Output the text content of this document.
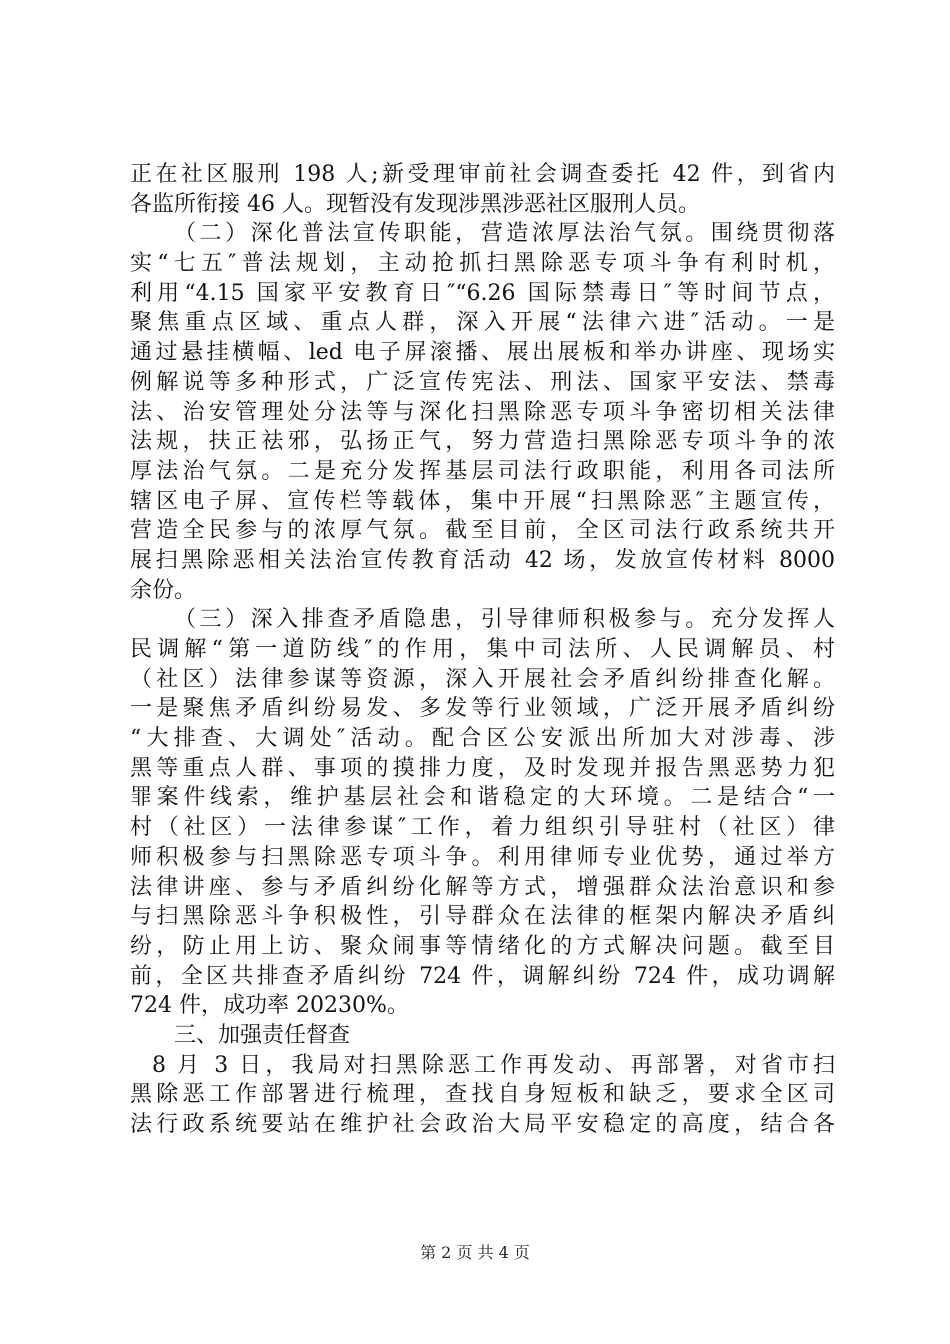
正在社区服刑 198 人;新受理审前社会调查委托 42 件，到省内
各监所衔接 46 人。现暂没有发现涉黑涉恶社区服刑人员。
（二）深化普法宣传职能，营造浓厚法治气氛。围绕贯彻落
实“七五″普法规划，主动抢抓扫黑除恶专项斗争有利时机，
利用“4.15 国家平安教育日″“6.26 国际禁毒日″等时间节点，
聚焦重点区域、重点人群，深入开展“法律六进″活动。一是
通过悬挂横幅、led 电子屏滚播、展出展板和举办讲座、现场实
例解说等多种形式，广泛宣传宪法、刑法、国家平安法、禁毒
法、治安管理处分法等与深化扫黑除恶专项斗争密切相关法律
法规，扶正祛邪，弘扬正气，努力营造扫黑除恶专项斗争的浓
厚法治气氛。二是充分发挥基层司法行政职能，利用各司法所
辖区电子屏、宣传栏等载体，集中开展“扫黑除恶″主题宣传，
营造全民参与的浓厚气氛。截至目前，全区司法行政系统共开
展扫黑除恶相关法治宣传教育活动 42 场，发放宣传材料 8000
余份。
（三）深入排查矛盾隐患，引导律师积极参与。充分发挥人
民调解“第一道防线″的作用，集中司法所、人民调解员、村
（社区）法律参谋等资源，深入开展社会矛盾纠纷排查化解。
一是聚焦矛盾纠纷易发、多发等行业领域，广泛开展矛盾纠纷
“大排查、大调处″活动。配合区公安派出所加大对涉毒、涉
黑等重点人群、事项的摸排力度，及时发现并报告黑恶势力犯
罪案件线索，维护基层社会和谐稳定的大环境。二是结合“一
村（社区）一法律参谋″工作，着力组织引导驻村（社区）律
师积极参与扫黑除恶专项斗争。利用律师专业优势，通过举方
法律讲座、参与矛盾纠纷化解等方式，增强群众法治意识和参
与扫黑除恶斗争积极性，引导群众在法律的框架内解决矛盾纠
纷，防止用上访、聚众闹事等情绪化的方式解决问题。截至目
前，全区共排查矛盾纠纷 724 件，调解纠纷 724 件，成功调解
724 件，成功率 20230%。
三、加强责任督查
8 月 3 日，我局对扫黑除恶工作再发动、再部署，对省市扫
黑除恶工作部署进行梳理，查找自身短板和缺乏，要求全区司
法行政系统要站在维护社会政治大局平安稳定的高度，结合各
第 2 页 共 4 页
